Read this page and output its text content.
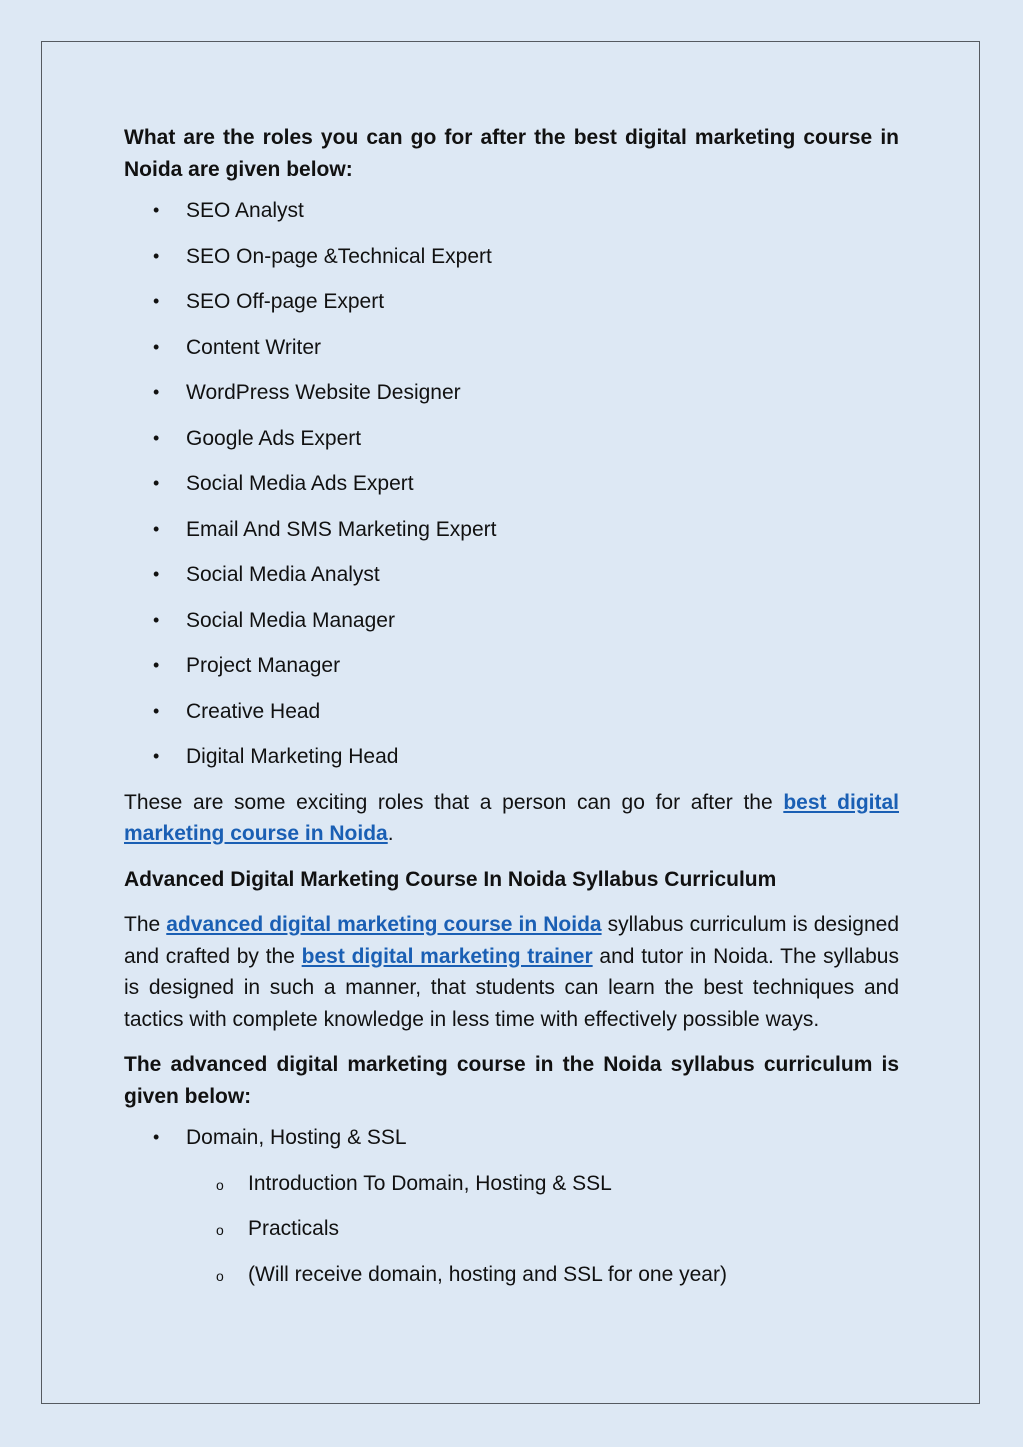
What are the roles you can go for after the best digital marketing course in Noida are given below:

• SEO Analyst
• SEO On-page &Technical Expert
• SEO Off-page Expert
• Content Writer
• WordPress Website Designer
• Google Ads Expert
• Social Media Ads Expert
• Email And SMS Marketing Expert
• Social Media Analyst
• Social Media Manager
• Project Manager
• Creative Head
• Digital Marketing Head

These are some exciting roles that a person can go for after the best digital marketing course in Noida.

Advanced Digital Marketing Course In Noida Syllabus Curriculum

The advanced digital marketing course in Noida syllabus curriculum is designed and crafted by the best digital marketing trainer and tutor in Noida. The syllabus is designed in such a manner, that students can learn the best techniques and tactics with complete knowledge in less time with effectively possible ways.

The advanced digital marketing course in the Noida syllabus curriculum is given below:

• Domain, Hosting & SSL
o Introduction To Domain, Hosting & SSL
o Practicals
o (Will receive domain, hosting and SSL for one year)
